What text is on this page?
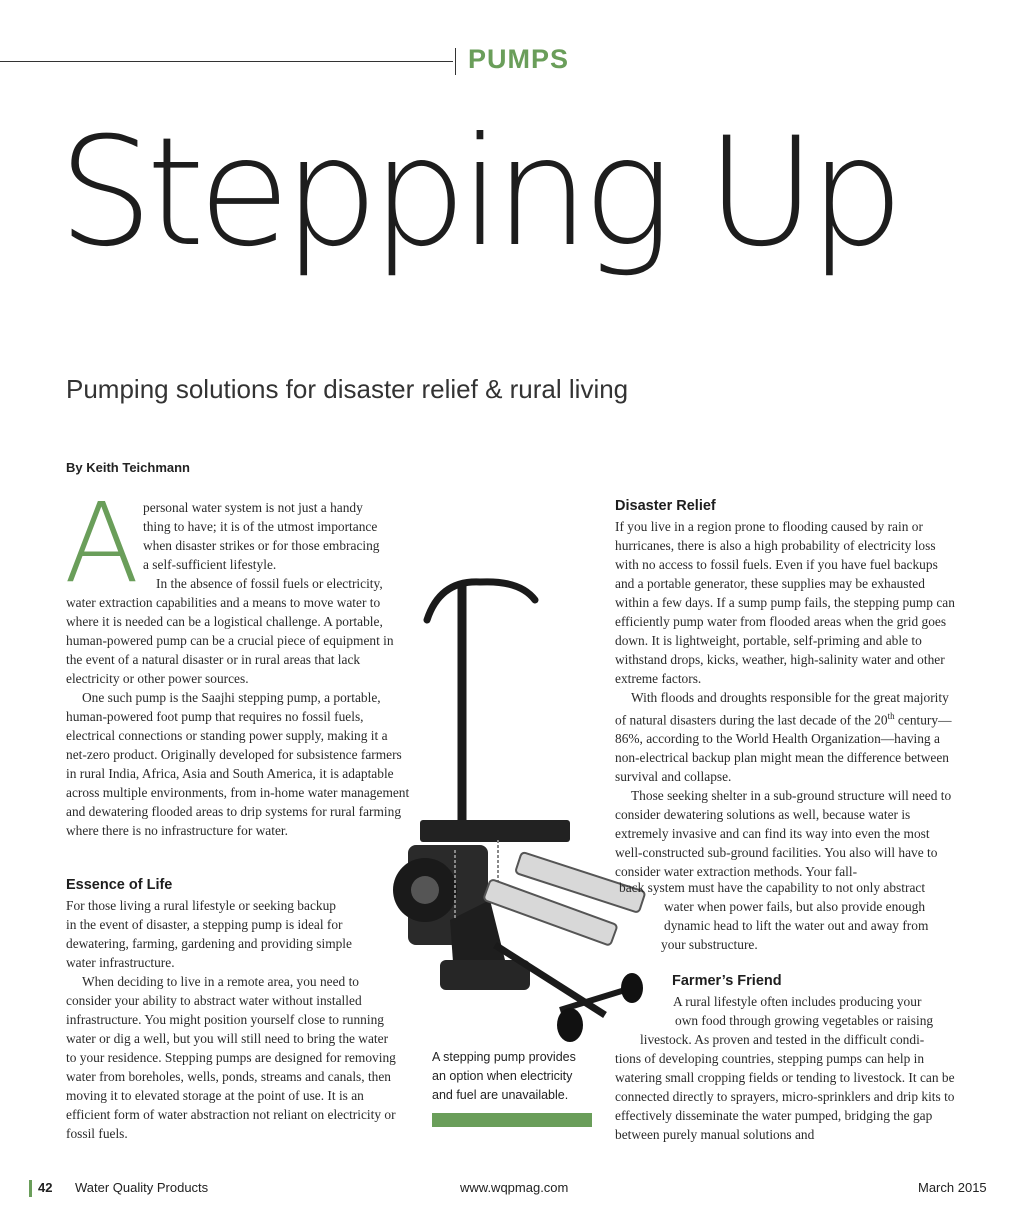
PUMPS
Stepping Up
Pumping solutions for disaster relief & rural living
By Keith Teichmann
A personal water system is not just a handy
thing to have; it is of the utmost importance
when disaster strikes or for those embracing
a self-sufficient lifestyle.

In the absence of fossil fuels or electricity, water extraction capabilities and a means to move water to where it is needed can be a logistical challenge. A portable, human-powered pump can be a crucial piece of equipment in the event of a natural disaster or in rural areas that lack electricity or other power sources.

One such pump is the Saajhi stepping pump, a portable, human-powered foot pump that requires no fossil fuels, electrical connections or standing power supply, making it a net-zero product. Originally developed for subsistence farmers in rural India, Africa, Asia and South America, it is adaptable across multiple environments, from in-home water management and dewatering flooded areas to drip systems for rural farming where there is no infrastructure for water.

Essence of Life
For those living a rural lifestyle or seeking backup
in the event of disaster, a stepping pump is ideal for
dewatering, farming, gardening and providing simple
water infrastructure.

When deciding to live in a remote area, you need to consider your ability to abstract water without installed infrastructure. You might position yourself close to running water or dig a well, but you will still need to bring the water to your residence. Stepping pumps are designed for removing water from boreholes, wells, ponds, streams and canals, then moving it to elevated storage at the point of use. It is an efficient form of water abstraction not reliant on electricity or fossil fuels.

A stepping pump provides an option when electricity and fuel are unavailable.
Disaster Relief

If you live in a region prone to flooding caused by rain or hurricanes, there is also a high probability of electricity loss with no access to fossil fuels. Even if you have fuel backups and a portable generator, these supplies may be exhausted within a few days. If a sump pump fails, the stepping pump can efficiently pump water from flooded areas when the grid goes down. It is lightweight, portable, self-priming and able to withstand drops, kicks, weather, high-salinity water and other extreme factors.

With floods and droughts responsible for the great majority of natural disasters during the last decade of the 20th century—86%, according to the World Health Organization—having a non-electrical backup plan might mean the difference between survival and collapse.

Those seeking shelter in a sub-ground structure will need to consider dewatering solutions as well, because water is extremely invasive and can find its way into even the most well-constructed sub-ground facilities. You also will have to consider water extraction methods. Your fall-

back system must have the capability to not only abstract
water when power fails, but also provide enough
dynamic head to lift the water out and away from
your substructure.
Farmer’s Friend
A rural lifestyle often includes producing your
own food through growing vegetables or raising
livestock. As proven and tested in the difficult condi-

tions of developing countries, stepping pumps can help in watering small cropping fields or tending to livestock. It can be connected directly to sprayers, micro-sprinklers and drip kits to effectively disseminate the water pumped, bridging the gap between purely manual solutions and

42 Water Quality Products	www.wqpmag.com	March 2015
